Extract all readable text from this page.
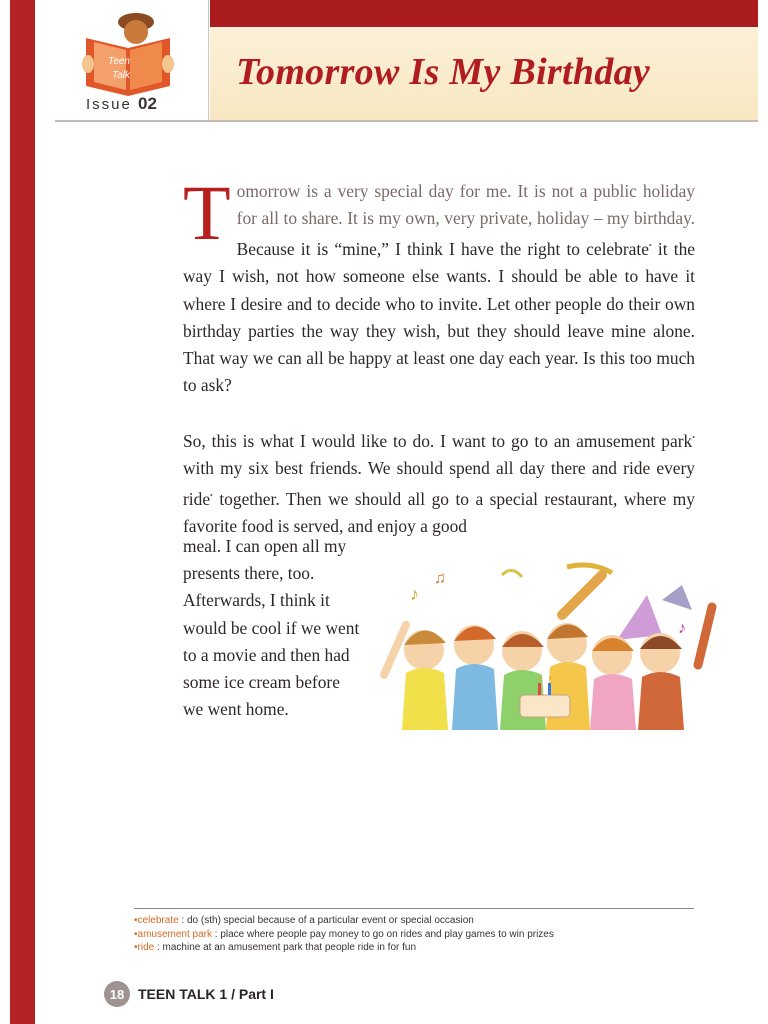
Teen
Talk
Issue 02
Tomorrow Is My Birthday

Tomorrow is a very special day for me. It is not a public holiday for all to share. It is my own, very private, holiday – my birthday. Because it is “mine,” I think I have the right to celebrate• it the way I wish, not how someone else wants. I should be able to have it where I desire and to decide who to invite. Let other people do their own birthday parties the way they wish, but they should leave mine alone. That way we can all be happy at least one day each year. Is this too much to ask?

So, this is what I would like to do. I want to go to an amusement park• with my six best friends. We should spend all day there and ride every ride• together. Then we should all go to a special restaurant, where my favorite food is served, and enjoy a good

meal. I can open all my presents there, too. Afterwards, I think it would be cool if we went to a movie and then had some ice cream before we went home.

♪
♫
♪
•celebrate : do (sth) special because of a particular event or special occasion
•amusement park : place where people pay money to go on rides and play games to win prizes
•ride : machine at an amusement park that people ride in for fun
18 TEEN TALK 1 / Part I
